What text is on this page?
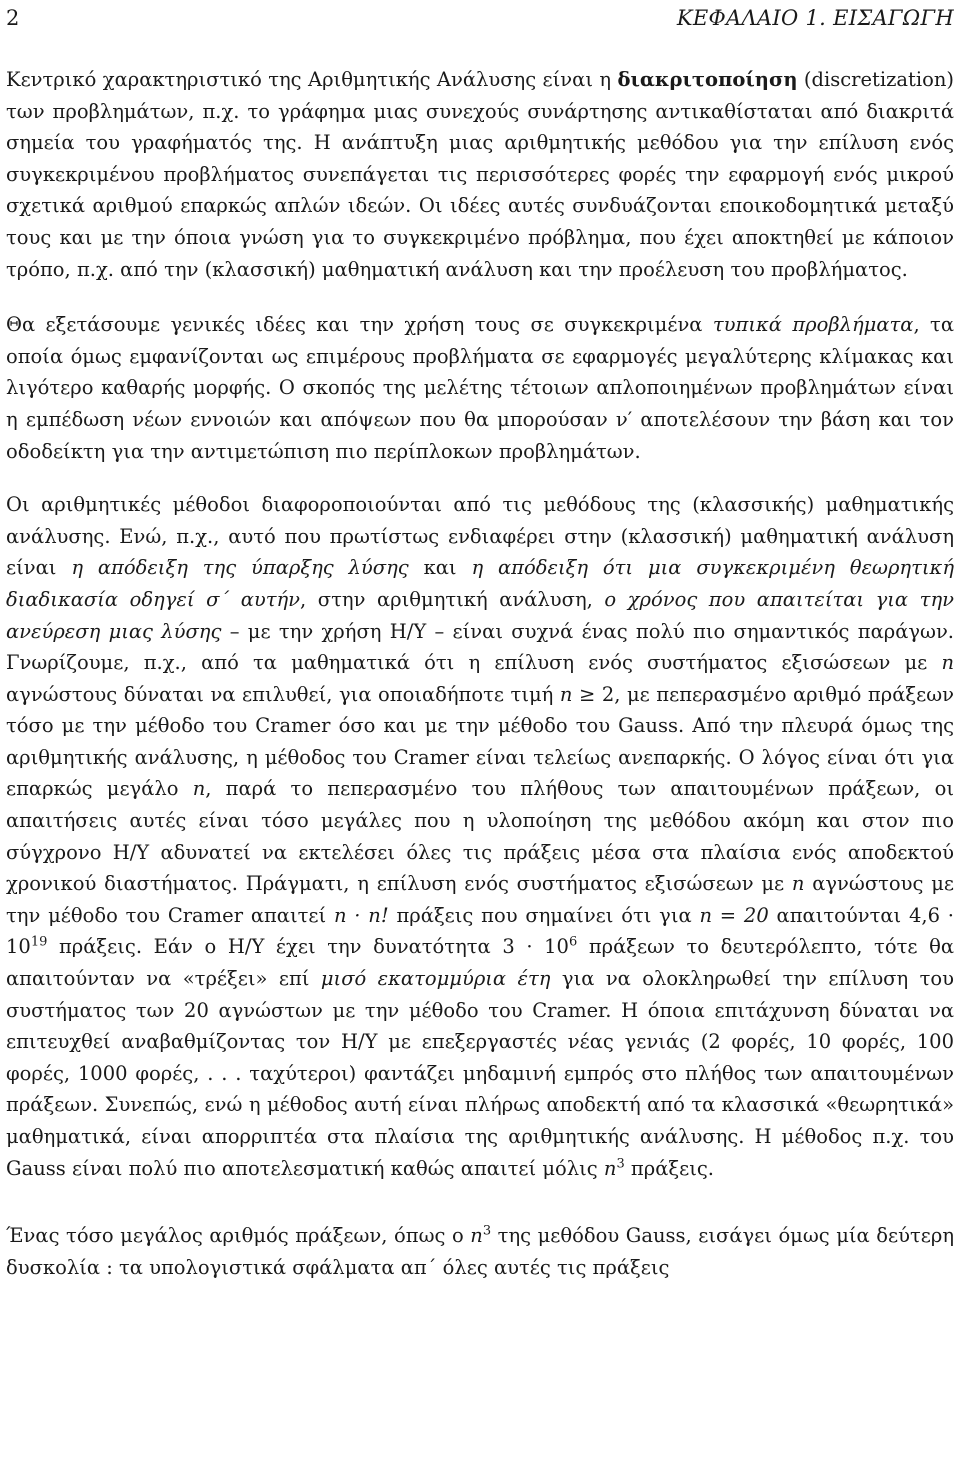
2	ΚΕΦΑΛΑΙΟ 1. ΕΙΣΑΓΩΓΗ

Κεντρικό χαρακτηριστικό της Αριθμητικής Ανάλυσης είναι η διακριτοποίηση (discretization) των προβλημάτων, π.χ. το γράφημα μιας συνεχούς συνάρτησης αντικαθίσταται από διακριτά σημεία του γραφήματός της. Η ανάπτυξη μιας αριθμητικής μεθόδου για την επίλυση ενός συγκεκριμένου προβλήματος συνεπάγεται τις περισσότερες φορές την εφαρμογή ενός μικρού σχετικά αριθμού επαρκώς απλών ιδεών. Οι ιδέες αυτές συνδυάζονται εποικοδομητικά μεταξύ τους και με την όποια γνώση για το συγκεκριμένο πρόβλημα, που έχει αποκτηθεί με κάποιον τρόπο, π.χ. από την (κλασσική) μαθηματική ανάλυση και την προέλευση του προβλήματος.

Θα εξετάσουμε γενικές ιδέες και την χρήση τους σε συγκεκριμένα τυπικά προβλήματα, τα οποία όμως εμφανίζονται ως επιμέρους προβλήματα σε εφαρμογές μεγαλύτερης κλίμακας και λιγότερο καθαρής μορφής. Ο σκοπός της μελέτης τέτοιων απλοποιημένων προβλημάτων είναι η εμπέδωση νέων εννοιών και απόψεων που θα μπορούσαν ν′ αποτελέσουν την βάση και τον οδοδείκτη για την αντιμετώπιση πιο περίπλοκων προβλημάτων.

Οι αριθμητικές μέθοδοι διαφοροποιούνται από τις μεθόδους της (κλασσικής) μαθηματικής ανάλυσης. Ενώ, π.χ., αυτό που πρωτίστως ενδιαφέρει στην (κλασσική) μαθηματική ανάλυση είναι η απόδειξη της ύπαρξης λύσης και η απόδειξη ότι μια συγκεκριμένη θεωρητική διαδικασία οδηγεί σ΄ αυτήν, στην αριθμητική ανάλυση, ο χρόνος που απαιτείται για την ανεύρεση μιας λύσης – με την χρήση Η/Υ – είναι συχνά ένας πολύ πιο σημαντικός παράγων. Γνωρίζουμε, π.χ., από τα μαθηματικά ότι η επίλυση ενός συστήματος εξισώσεων με n αγνώστους δύναται να επιλυθεί, για οποιαδήποτε τιμή n ≥ 2, με πεπερασμένο αριθμό πράξεων τόσο με την μέθοδο του Cramer όσο και με την μέθοδο του Gauss. Από την πλευρά όμως της αριθμητικής ανάλυσης, η μέθοδος του Cramer είναι τελείως ανεπαρκής. Ο λόγος είναι ότι για επαρκώς μεγάλο n, παρά το πεπερασμένο του πλήθους των απαιτουμένων πράξεων, οι απαιτήσεις αυτές είναι τόσο μεγάλες που η υλοποίηση της μεθόδου ακόμη και στον πιο σύγχρονο Η/Υ αδυνατεί να εκτελέσει όλες τις πράξεις μέσα στα πλαίσια ενός αποδεκτού χρονικού διαστήματος. Πράγματι, η επίλυση ενός συστήματος εξισώσεων με n αγνώστους με την μέθοδο του Cramer απαιτεί n · n! πράξεις που σημαίνει ότι για n = 20 απαιτούνται $4,6 \cdot 10^{19}$ πράξεις. Εάν ο Η/Υ έχει την δυνατότητα $3 \cdot 10^6$ πράξεων το δευτερόλεπτο, τότε θα απαιτούνταν να «τρέξει» επί μισό εκατομμύρια έτη για να ολοκληρωθεί την επίλυση του συστήματος των 20 αγνώστων με την μέθοδο του Cramer. Η όποια επιτάχυνση δύναται να επιτευχθεί αναβαθμίζοντας τον Η/Υ με επεξεργαστές νέας γενιάς (2 φορές, 10 φορές, 100 φορές, 1000 φορές, . . . ταχύτεροι) φαντάζει μηδαμινή εμπρός στο πλήθος των απαιτουμένων πράξεων. Συνεπώς, ενώ η μέθοδος αυτή είναι πλήρως αποδεκτή από τα κλασσικά «θεωρητικά» μαθηματικά, είναι απορριπτέα στα πλαίσια της αριθμητικής ανάλυσης. Η μέθοδος π.χ. του Gauss είναι πολύ πιο αποτελεσματική καθώς απαιτεί μόλις $n^3$ πράξεις.

Ένας τόσο μεγάλος αριθμός πράξεων, όπως ο $n^3$ της μεθόδου Gauss, εισάγει όμως μία δεύτερη δυσκολία : τα υπολογιστικά σφάλματα απ΄ όλες αυτές τις πράξεις
